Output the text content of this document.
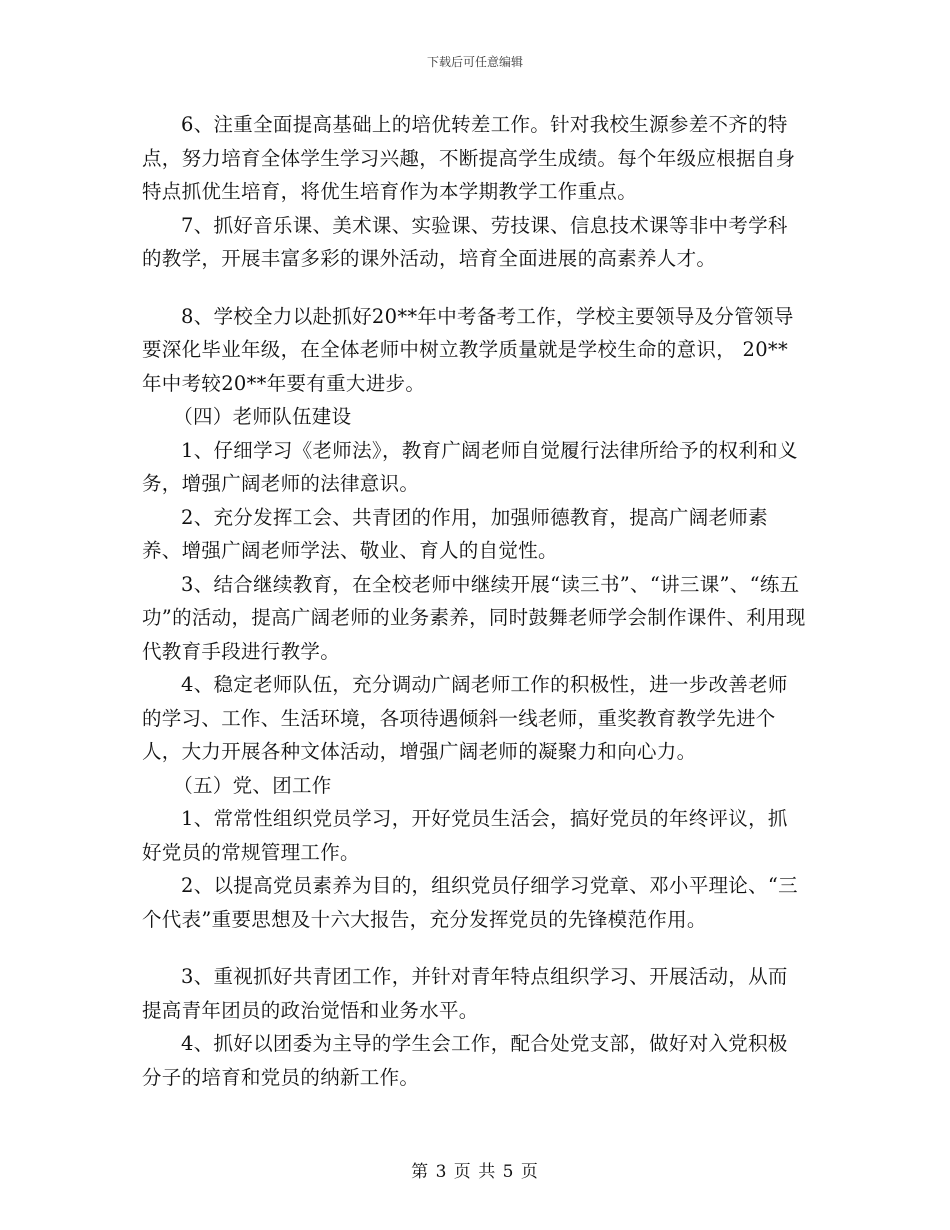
下载后可任意编辑

6、注重全面提高基础上的培优转差工作。针对我校生源参差不齐的特点，努力培育全体学生学习兴趣，不断提高学生成绩。每个年级应根据自身特点抓优生培育，将优生培育作为本学期教学工作重点。

7、抓好音乐课、美术课、实验课、劳技课、信息技术课等非中考学科的教学，开展丰富多彩的课外活动，培育全面进展的高素养人才。

8、学校全力以赴抓好20**年中考备考工作，学校主要领导及分管领导要深化毕业年级，在全体老师中树立教学质量就是学校生命的意识， 20**年中考较20**年要有重大进步。

（四）老师队伍建设

1、仔细学习《老师法》，教育广阔老师自觉履行法律所给予的权利和义务，增强广阔老师的法律意识。

2、充分发挥工会、共青团的作用，加强师德教育，提高广阔老师素养、增强广阔老师学法、敬业、育人的自觉性。

3、结合继续教育，在全校老师中继续开展“读三书”、“讲三课”、“练五功”的活动，提高广阔老师的业务素养，同时鼓舞老师学会制作课件、利用现代教育手段进行教学。

4、稳定老师队伍，充分调动广阔老师工作的积极性，进一步改善老师的学习、工作、生活环境，各项待遇倾斜一线老师，重奖教育教学先进个人，大力开展各种文体活动，增强广阔老师的凝聚力和向心力。

（五）党、团工作

1、常常性组织党员学习，开好党员生活会，搞好党员的年终评议，抓好党员的常规管理工作。

2、以提高党员素养为目的，组织党员仔细学习党章、邓小平理论、“三个代表”重要思想及十六大报告，充分发挥党员的先锋模范作用。

3、重视抓好共青团工作，并针对青年特点组织学习、开展活动，从而提高青年团员的政治觉悟和业务水平。

4、抓好以团委为主导的学生会工作，配合处党支部，做好对入党积极分子的培育和党员的纳新工作。

第 3 页 共 5 页
